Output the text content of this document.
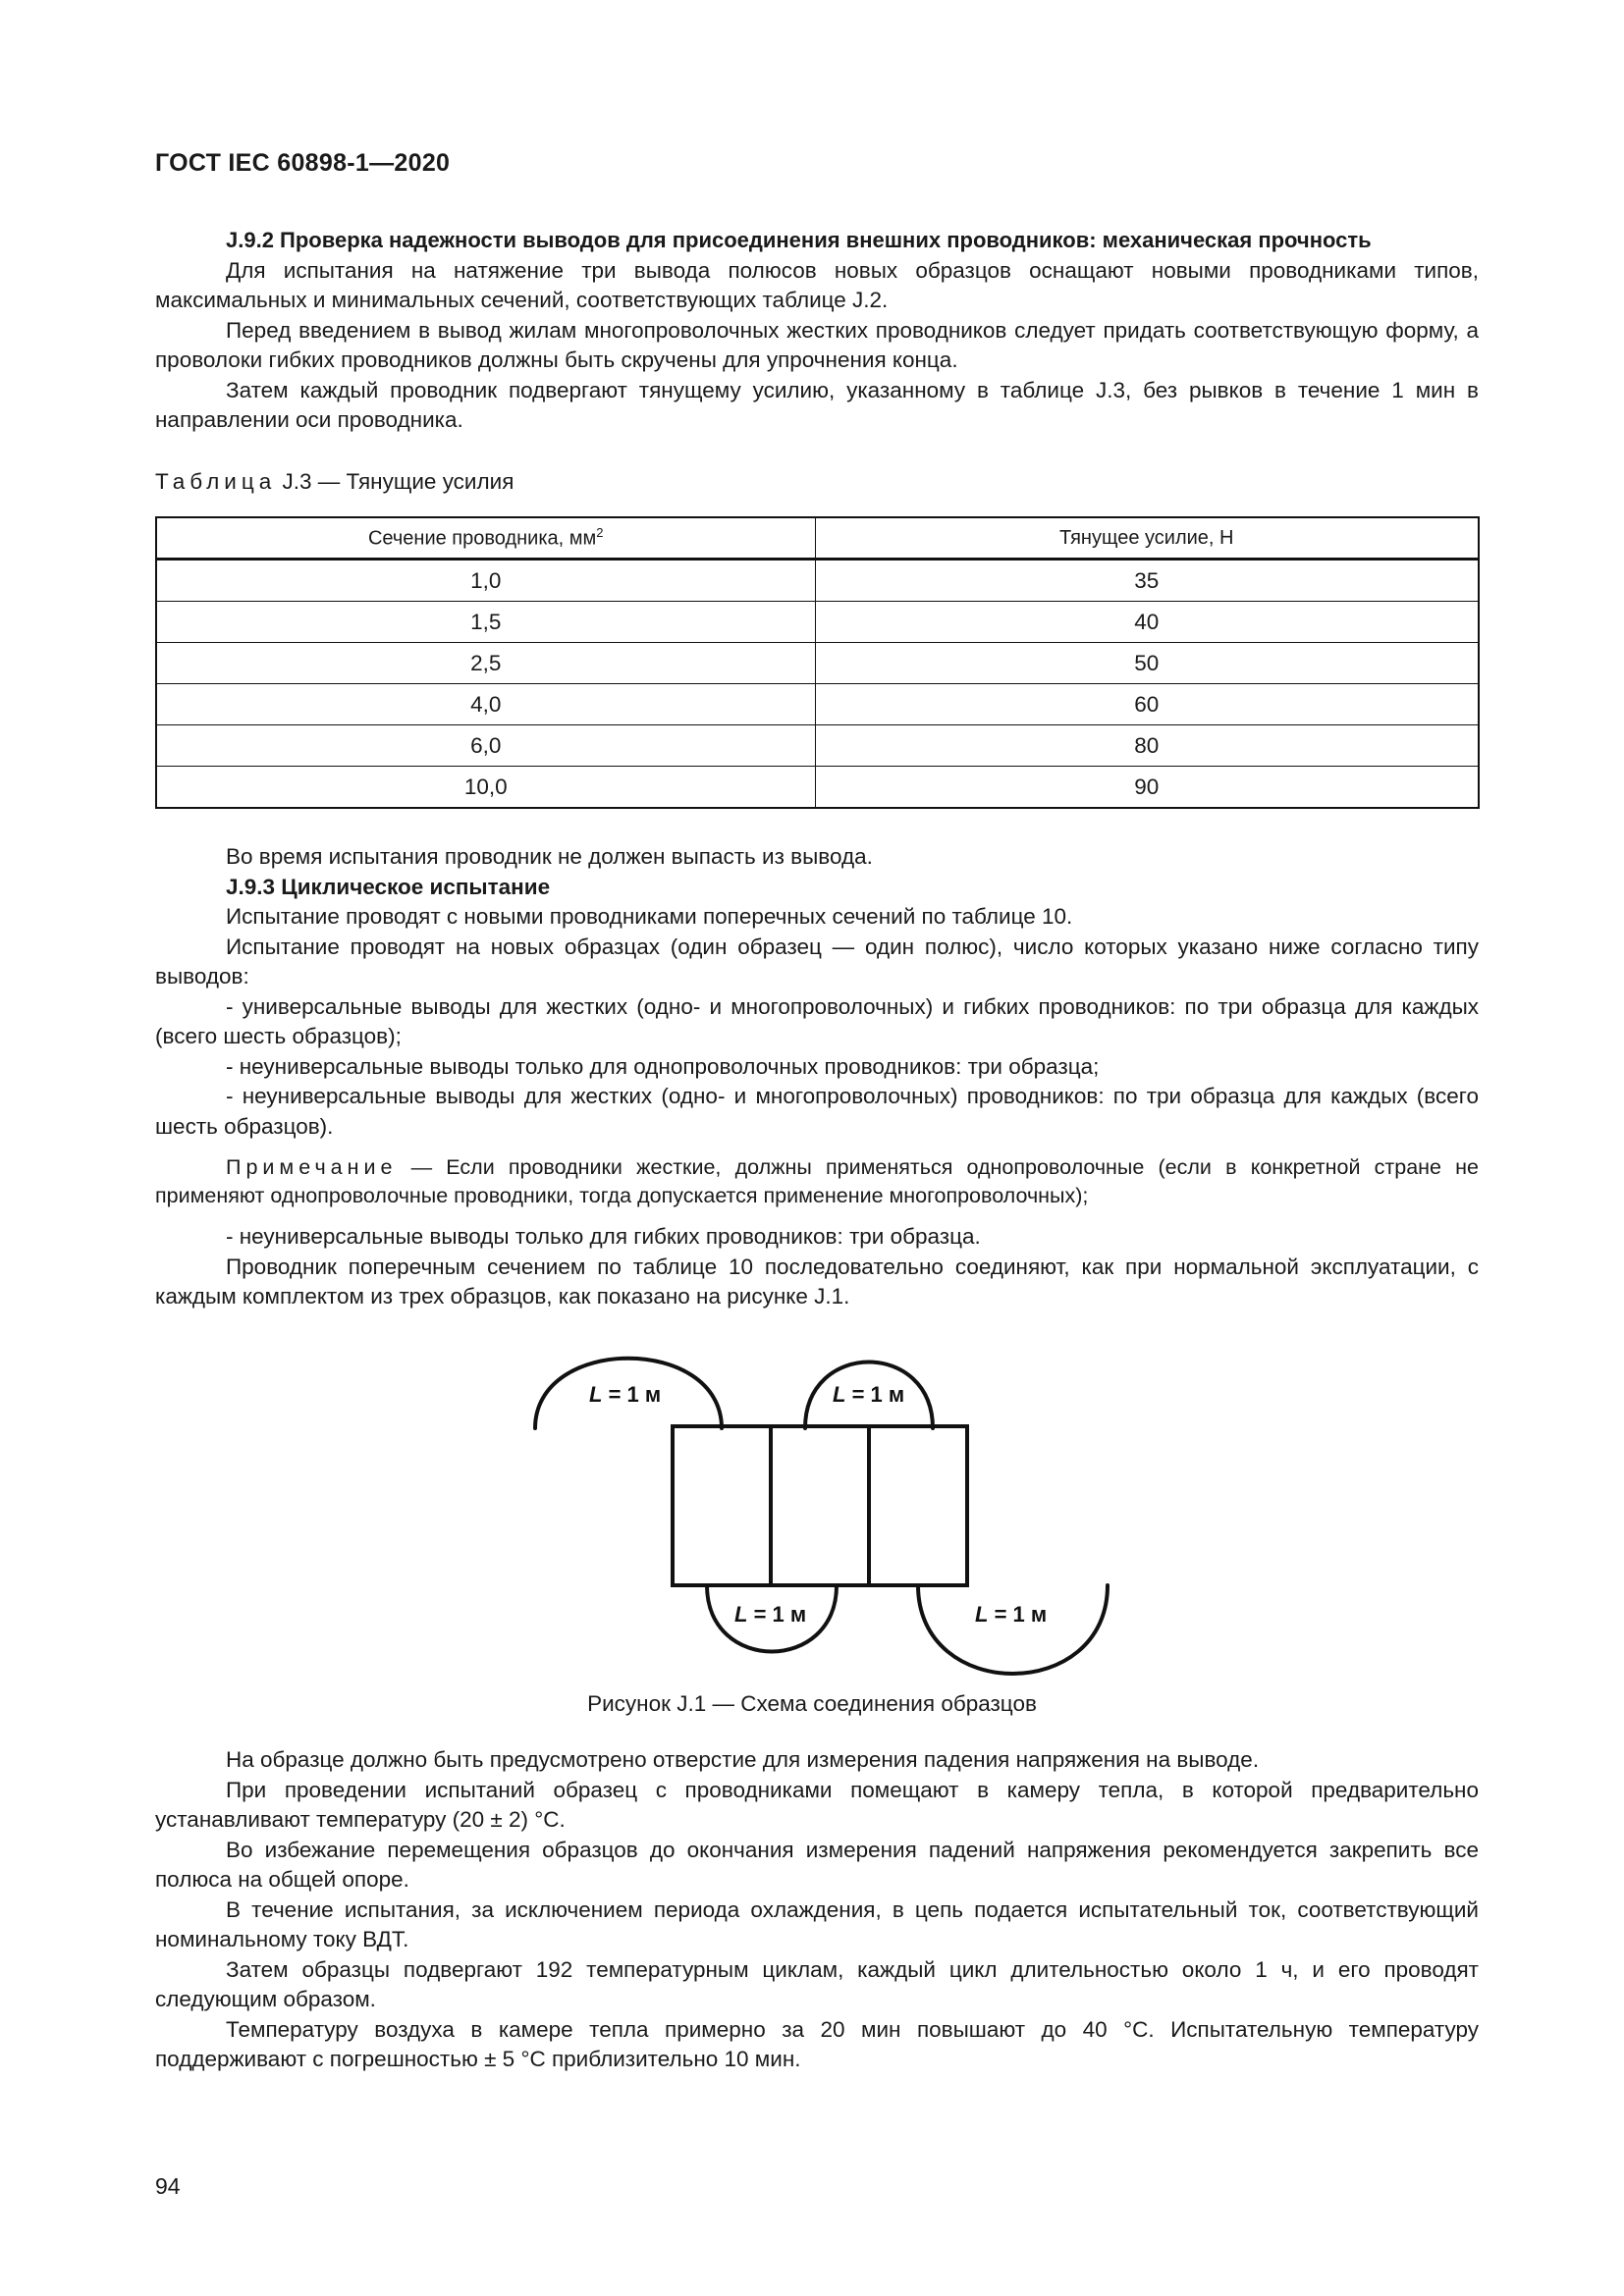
ГОСТ IEC 60898-1—2020

J.9.2 Проверка надежности выводов для присоединения внешних проводников: механическая прочность

Для испытания на натяжение три вывода полюсов новых образцов оснащают новыми проводниками типов, максимальных и минимальных сечений, соответствующих таблице J.2.

Перед введением в вывод жилам многопроволочных жестких проводников следует придать соответствующую форму, а проволоки гибких проводников должны быть скручены для упрочнения конца.

Затем каждый проводник подвергают тянущему усилию, указанному в таблице J.3, без рывков в течение 1 мин в направлении оси проводника.

Таблица J.3 — Тянущие усилия
Сечение проводника, $мм^2$	Тянущее усилие, Н
1,0	35
1,5	40
2,5	50
4,0	60
6,0	80
10,0	90

Во время испытания проводник не должен выпасть из вывода.

J.9.3 Циклическое испытание

Испытание проводят с новыми проводниками поперечных сечений по таблице 10.

Испытание проводят на новых образцах (один образец — один полюс), число которых указано ниже согласно типу выводов:

- универсальные выводы для жестких (одно- и многопроволочных) и гибких проводников: по три образца для каждых (всего шесть образцов);

- неуниверсальные выводы только для однопроволочных проводников: три образца;

- неуниверсальные выводы для жестких (одно- и многопроволочных) проводников: по три образца для каждых (всего шесть образцов).

Примечание — Если проводники жесткие, должны применяться однопроволочные (если в конкретной стране не применяют однопроволочные проводники, тогда допускается применение многопроволочных);

- неуниверсальные выводы только для гибких проводников: три образца.

Проводник поперечным сечением по таблице 10 последовательно соединяют, как при нормальной эксплуатации, с каждым комплектом из трех образцов, как показано на рисунке J.1.

L = 1 м	L = 1 м
L = 1 м	L = 1 м
Рисунок J.1 — Схема соединения образцов

На образце должно быть предусмотрено отверстие для измерения падения напряжения на выводе.

При проведении испытаний образец с проводниками помещают в камеру тепла, в которой предварительно устанавливают температуру (20 ± 2) °С.

Во избежание перемещения образцов до окончания измерения падений напряжения рекомендуется закрепить все полюса на общей опоре.

В течение испытания, за исключением периода охлаждения, в цепь подается испытательный ток, соответствующий номинальному току ВДТ.

Затем образцы подвергают 192 температурным циклам, каждый цикл длительностью около 1 ч, и его проводят следующим образом.

Температуру воздуха в камере тепла примерно за 20 мин повышают до 40 °С. Испытательную температуру поддерживают с погрешностью ± 5 °С приблизительно 10 мин.

94
